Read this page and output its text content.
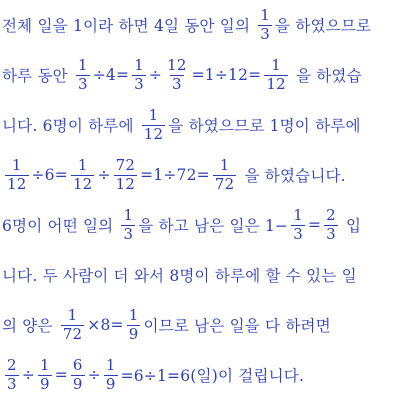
전체 일을 1이라 하면 4일 동안 일의 $\frac{1}{3}$ 을 하였으므로
하루 동안 $\frac{1}{3} \div 4= \frac{1}{3} \div \frac{12}{3} =1\div 12= \frac{1}{12}$ 을 하였습
니다. 6명이 하루에 $\frac{1}{12}$ 을 하였으므로 1명이 하루에
$\frac{1}{12} \div 6= \frac{1}{12} \div \frac{72}{12} =1\div 72= \frac{1}{72}$ 을 하였습니다.
6명이 어떤 일의 $\frac{1}{3}$ 을 하고 남은 일은 $1- \frac{1}{3} = \frac{2}{3}$ 입
니다. 두 사람이 더 와서 8명이 하루에 할 수 있는 일
의 양은 $\frac{1}{72} \times 8= \frac{1}{9}$ 이므로 남은 일을 다 하려면
$\frac{2}{3} \div \frac{1}{9} = \frac{6}{9} \div \frac{1}{9} =6\div 1=6$(일)이 걸립니다.
